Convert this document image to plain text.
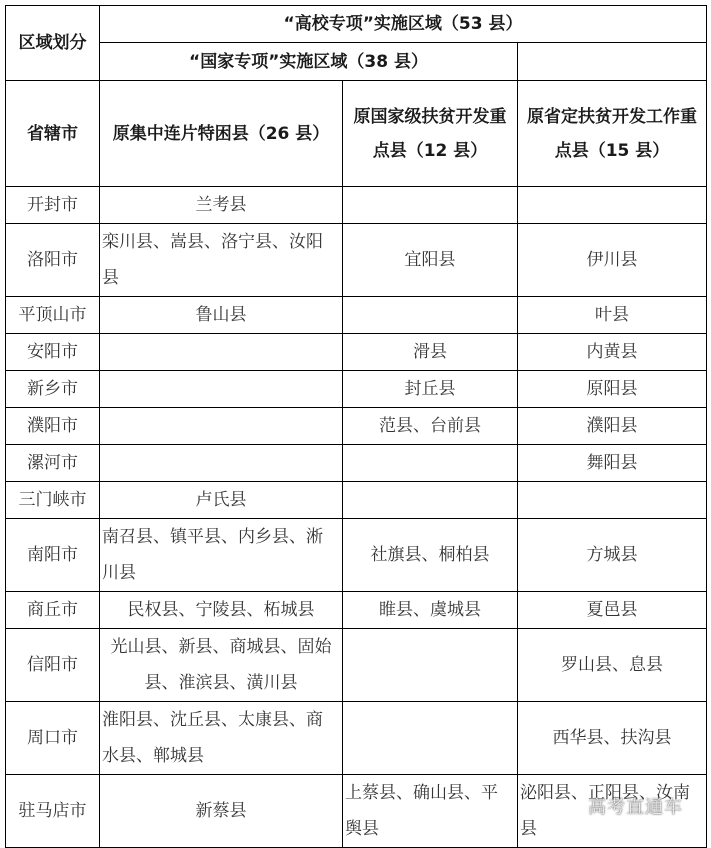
区域划分	“高校专项”实施区域（53 县）		
	“国家专项”实施区域（38 县）		
省辖市	原集中连片特困县（26 县）	原国家级扶贫开发重点县（12 县）	原省定扶贫开发工作重点县（15 县）
开封市	兰考县		
洛阳市	栾川县、嵩县、洛宁县、汝阳县	宜阳县	伊川县
平顶山市	鲁山县		叶县
安阳市		滑县	内黄县
新乡市		封丘县	原阳县
濮阳市		范县、台前县	濮阳县
漯河市			舞阳县
三门峡市	卢氏县		
南阳市	南召县、镇平县、内乡县、淅川县	社旗县、桐柏县	方城县
商丘市	民权县、宁陵县、柘城县	睢县、虞城县	夏邑县
信阳市	光山县、新县、商城县、固始县、淮滨县、潢川县		罗山县、息县
周口市	淮阳县、沈丘县、太康县、商水县、郸城县		西华县、扶沟县
驻马店市	新蔡县	上蔡县、确山县、平舆县	泌阳县、正阳县、汝南县
高考直通车
